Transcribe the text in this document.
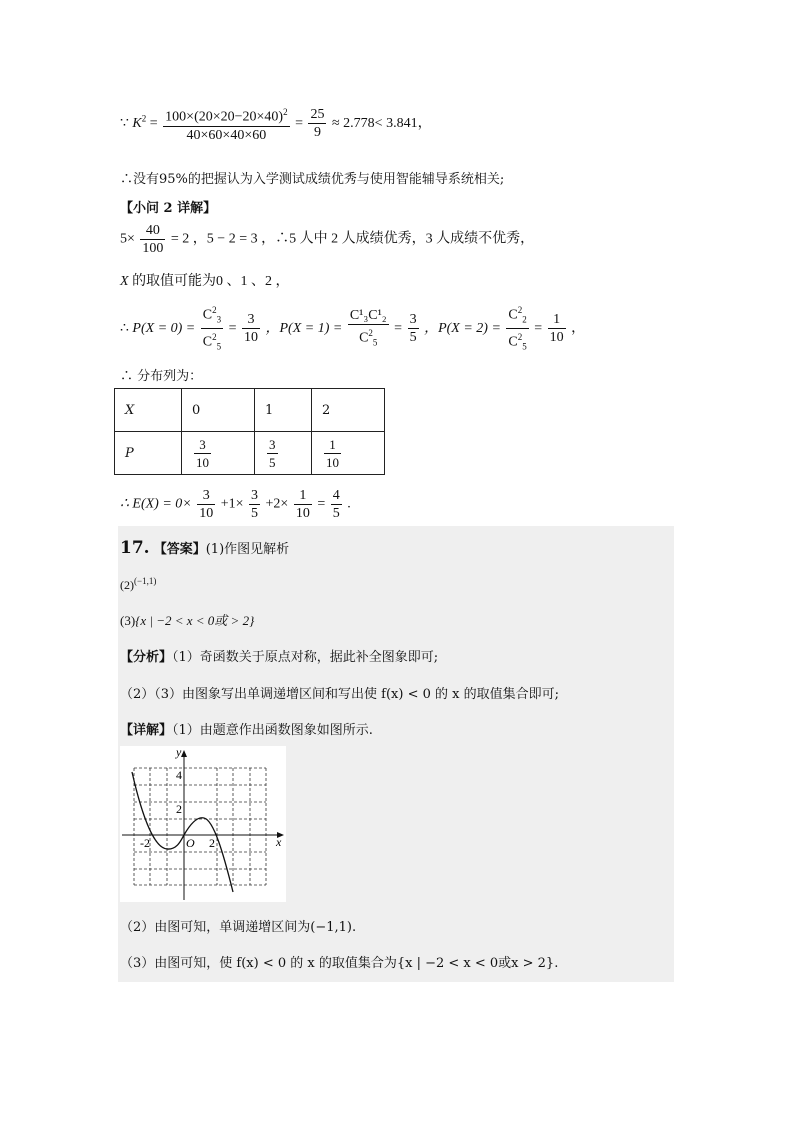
∵ $K^2 = \frac{100\times(20\times 20-20\times 40)^2}{40\times 60\times 40\times 60} = \frac{25}{9} \approx 2.778< 3.841$，
∴没有95%的把握认为入学测试成绩优秀与使用智能辅导系统相关;
【小问 2 详解】
$5\times \frac{40}{100} = 2$ ，5 − 2 = 3 ，∴5 人中 2 人成绩优秀，3 人成绩不优秀，
X 的取值可能为0 、1 、2 ，
∴ $P(X = 0) = \frac{C^2_3}{C^2_5} = \frac{3}{10}$ ，$P(X = 1) = \frac{\text{C¹₃C¹₂}}{C^2_5} = \frac{3}{5}$ ，$P(X = 2) = \frac{C^2_2}{C^2_5} = \frac{1}{10}$ ，
∴ 分布列为：
X	0	1	2
P	$\frac{3}{10}$	$\frac{3}{5}$	$\frac{1}{10}$
∴ $E(X) = 0\times \frac{3}{10} +1\times \frac{3}{5} +2\times \frac{1}{10} = \frac{4}{5}$ .
17. 【答案】(1)作图见解析
$(2)^{(-1,1)}$
(3){x | −2 < x < 0或 > 2}
【分析】（1）奇函数关于原点对称，据此补全图象即可;
（2）（3）由图象写出单调递增区间和写出使 f(x) < 0 的 x 的取值集合即可;
【详解】（1）由题意作出函数图象如图所示.
y
x
4
2
-2	O 2
（2）由图可知，单调递增区间为(−1,1).
（3）由图可知，使 f(x) < 0 的 x 的取值集合为{x | −2 < x < 0或x > 2}.
